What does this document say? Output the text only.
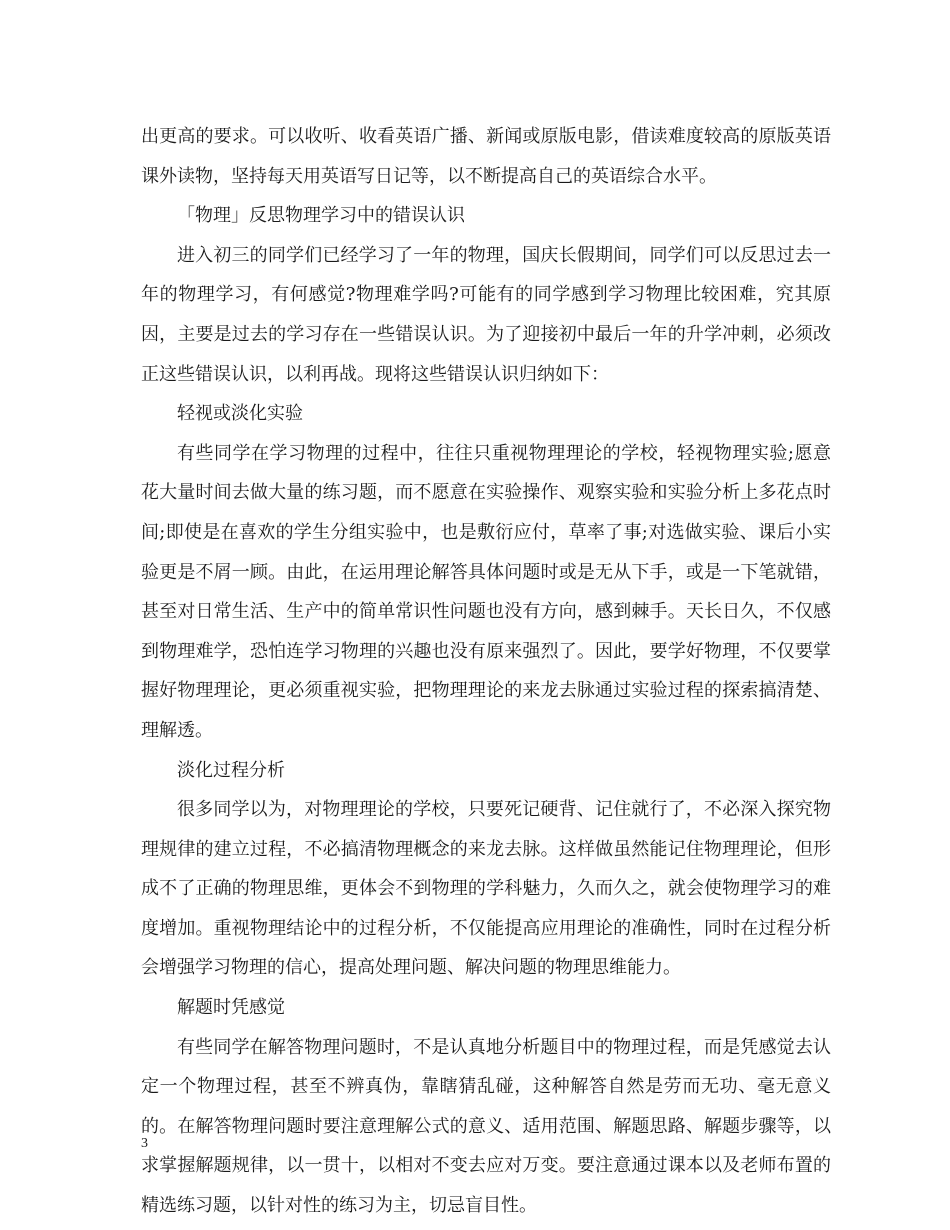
出更高的要求。可以收听、收看英语广播、新闻或原版电影，借读难度较高的原版英语课外读物，坚持每天用英语写日记等，以不断提高自己的英语综合水平。

「物理」反思物理学习中的错误认识

进入初三的同学们已经学习了一年的物理，国庆长假期间，同学们可以反思过去一年的物理学习，有何感觉?物理难学吗?可能有的同学感到学习物理比较困难，究其原因，主要是过去的学习存在一些错误认识。为了迎接初中最后一年的升学冲刺，必须改正这些错误认识，以利再战。现将这些错误认识归纳如下：

轻视或淡化实验

有些同学在学习物理的过程中，往往只重视物理理论的学校，轻视物理实验;愿意花大量时间去做大量的练习题，而不愿意在实验操作、观察实验和实验分析上多花点时间;即使是在喜欢的学生分组实验中，也是敷衍应付，草率了事;对选做实验、课后小实验更是不屑一顾。由此，在运用理论解答具体问题时或是无从下手，或是一下笔就错，甚至对日常生活、生产中的简单常识性问题也没有方向，感到棘手。天长日久，不仅感到物理难学，恐怕连学习物理的兴趣也没有原来强烈了。因此，要学好物理，不仅要掌握好物理理论，更必须重视实验，把物理理论的来龙去脉通过实验过程的探索搞清楚、理解透。

淡化过程分析

很多同学以为，对物理理论的学校，只要死记硬背、记住就行了，不必深入探究物理规律的建立过程，不必搞清物理概念的来龙去脉。这样做虽然能记住物理理论，但形成不了正确的物理思维，更体会不到物理的学科魅力，久而久之，就会使物理学习的难度增加。重视物理结论中的过程分析，不仅能提高应用理论的准确性，同时在过程分析会增强学习物理的信心，提高处理问题、解决问题的物理思维能力。

解题时凭感觉

有些同学在解答物理问题时，不是认真地分析题目中的物理过程，而是凭感觉去认定一个物理过程，甚至不辨真伪，靠瞎猜乱碰，这种解答自然是劳而无功、毫无意义的。在解答物理问题时要注意理解公式的意义、适用范围、解题思路、解题步骤等，以求掌握解题规律，以一贯十，以相对不变去应对万变。要注意通过课本以及老师布置的精选练习题，以针对性的练习为主，切忌盲目性。

3
